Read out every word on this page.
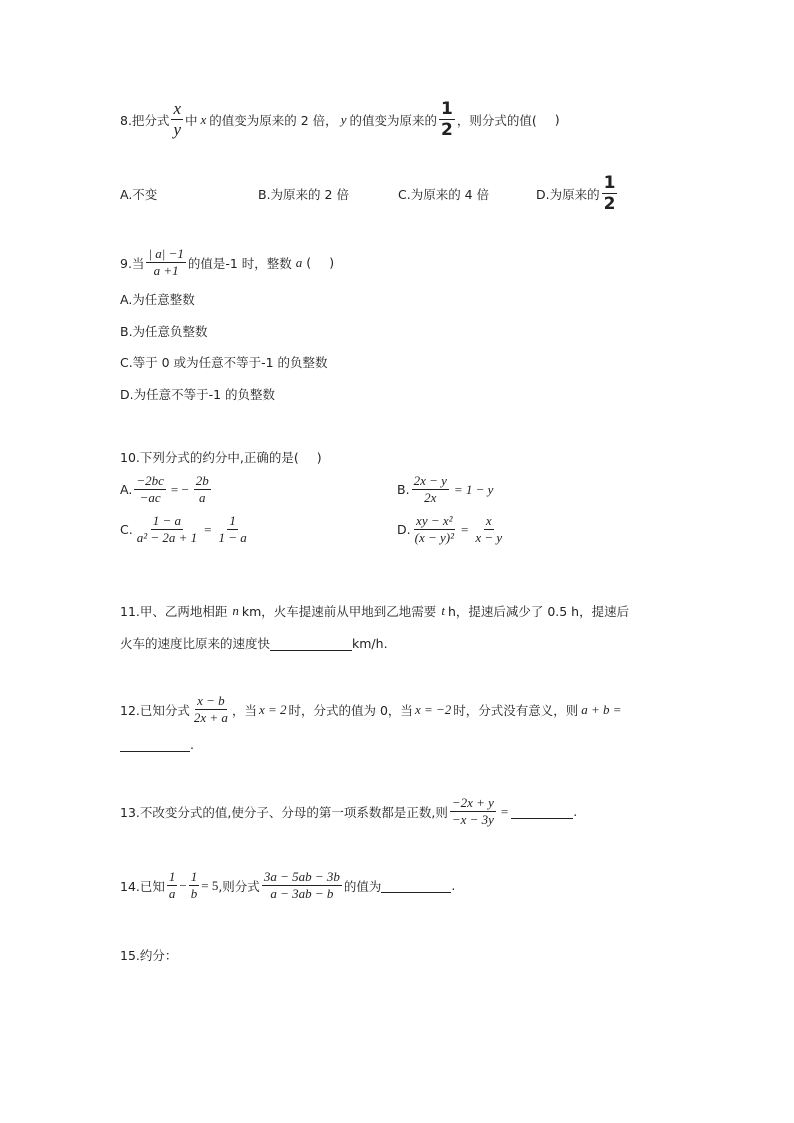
8.把分式 $\frac{x}{y}$ 中 x 的值变为原来的 2 倍， y 的值变为原来的 $\frac{1}{2}$ ，则分式的值( )
A.不变	B.为原来的 2 倍	C.为原来的 4 倍	D.为原来的 $\frac{1}{2}$
9.当 $\frac{| a| -1}{a +1}$ 的值是-1 时，整数 a ( )
A.为任意整数
B.为任意负整数
C.等于 0 或为任意不等于-1 的负整数
D.为任意不等于-1 的负整数
10.下列分式的约分中,正确的是( )
A. $\frac{-2bc}{-ac}$ = − $\frac{2b}{a}$	B. $\frac{2x - y}{2x} = 1 - y$
C. $\frac{1 - a}{\text{a² − 2a + 1}} = \frac{1}{1 - a}$	D. $\frac{\text{xy − x²}}{\text{(x − y)²}} = \frac{x}{x - y}$
11.甲、乙两地相距 n km，火车提速前从甲地到乙地需要 t h，提速后减少了 0.5 h，提速后
火车的速度比原来的速度快	km/h.
12.已知分式 $\frac{x - b}{2x + a}$ ，当 x = 2 时，分式的值为 0，当 x = −2 时，分式没有意义，则 a + b =
.
13.不改变分式的值,使分子、分母的第一项系数都是正数,则 $\frac{-2x + y}{-x - 3y}$ =	.
14.已知 $\frac{1}{a} - \frac{1}{b} = 5$ ,则分式 $\frac{3a - 5ab - 3b}{a - 3ab - b}$ 的值为	.
15.约分：
